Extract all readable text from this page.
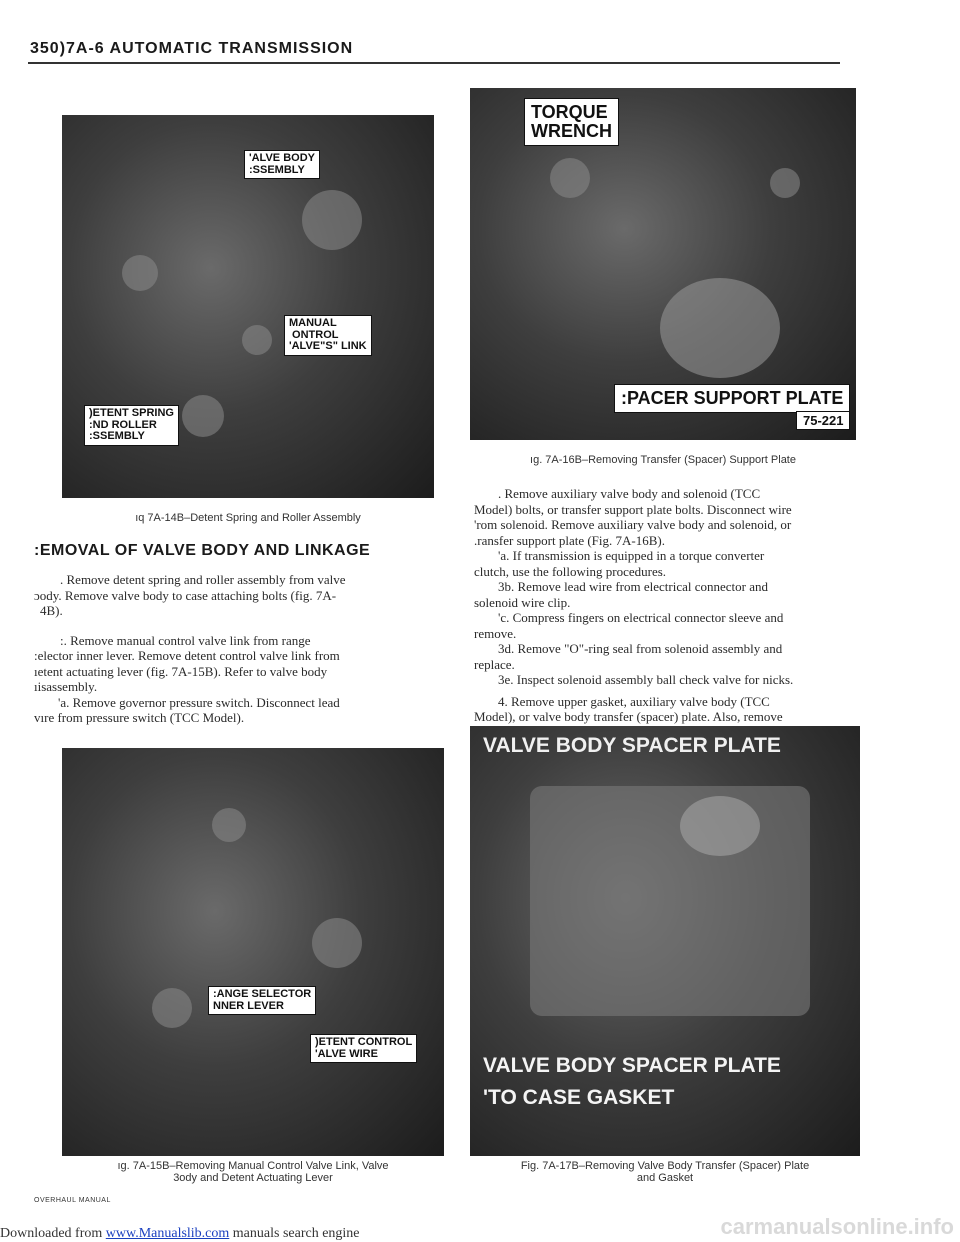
350)7A-6 AUTOMATIC TRANSMISSION
'ALVE BODY
:SSEMBLY
MANUAL
ONTROL
'ALVE"S" LINK
)ETENT SPRING
:ND ROLLER
:SSEMBLY
ıq 7A-14B–Detent Spring and Roller Assembly
:EMOVAL OF VALVE BODY AND LINKAGE

. Remove detent spring and roller assembly from valve

ɔody. Remove valve body to case attaching bolts (fig. 7A-

4B).

:. Remove manual control valve link from range

:elector inner lever. Remove detent control valve link from

ıetent actuating lever (fig. 7A-15B). Refer to valve body

ıisassembly.

'a. Remove governor pressure switch. Disconnect lead

vıre from pressure switch (TCC Model).

:ANGE SELECTOR
NNER LEVER
)ETENT CONTROL
'ALVE WIRE
ıg. 7A-15B–Removing Manual Control Valve Link, Valve
3ody and Detent Actuating Lever
OVERHAUL MANUAL
TORQUE
WRENCH
:PACER SUPPORT PLATE
75-221
ıg. 7A-16B–Removing Transfer (Spacer) Support Plate

. Remove auxiliary valve body and solenoid (TCC

Model) bolts, or transfer support plate bolts. Disconnect wire

'rom solenoid. Remove auxiliary valve body and solenoid, or

.ransfer support plate (Fig. 7A-16B).

'a. If transmission is equipped in a torque converter

clutch, use the following procedures.

3b. Remove lead wire from electrical connector and

solenoid wire clip.

'c. Compress fingers on electrical connector sleeve and

remove.

3d. Remove "O"-ring seal from solenoid assembly and

replace.

3e. Inspect solenoid assembly ball check valve for nicks.

4. Remove upper gasket, auxiliary valve body (TCC

Model), or valve body transfer (spacer) plate. Also, remove

VALVE BODY SPACER PLATE
VALVE BODY SPACER PLATE
'TO CASE GASKET
Fig. 7A-17B–Removing Valve Body Transfer (Spacer) Plate
and Gasket
Downloaded from www.Manualslib.com manuals search engine	carmanualsonline.info
